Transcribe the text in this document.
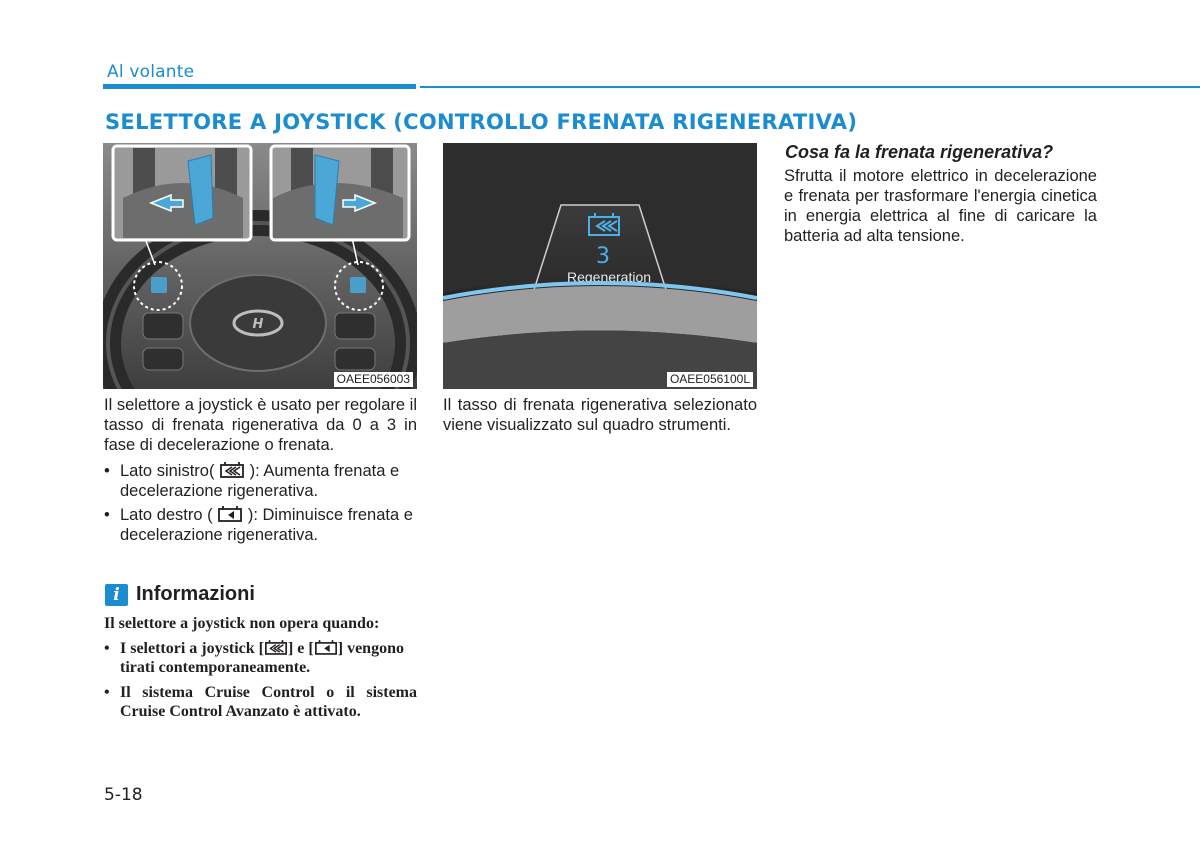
Al volante
SELETTORE A JOYSTICK (CONTROLLO FRENATA RIGENERATIVA)
H
OAEE056003
3
Regeneration
OAEE056100L

Il selettore a joystick è usato per regolare il tasso di frenata rigenerativa da 0 a 3 in fase di decelerazione o frenata.

• Lato sinistro( ): Aumenta frenata e decelerazione rigenerativa.
• Lato destro ( ): Diminuisce frenata e decelerazione rigenerativa.
i Informazioni

Il selettore a joystick non opera quando:

• I selettori a joystick [ ] e [ ] vengono tirati contemporaneamente.
• Il sistema Cruise Control o il sistema Cruise Control Avanzato è attivato.

Il tasso di frenata rigenerativa selezionato viene visualizzato sul quadro strumenti.

Cosa fa la frenata rigenerativa?

Sfrutta il motore elettrico in decelerazione e frenata per trasformare l'energia cinetica in energia elettrica al fine di caricare la batteria ad alta tensione.

5-18
